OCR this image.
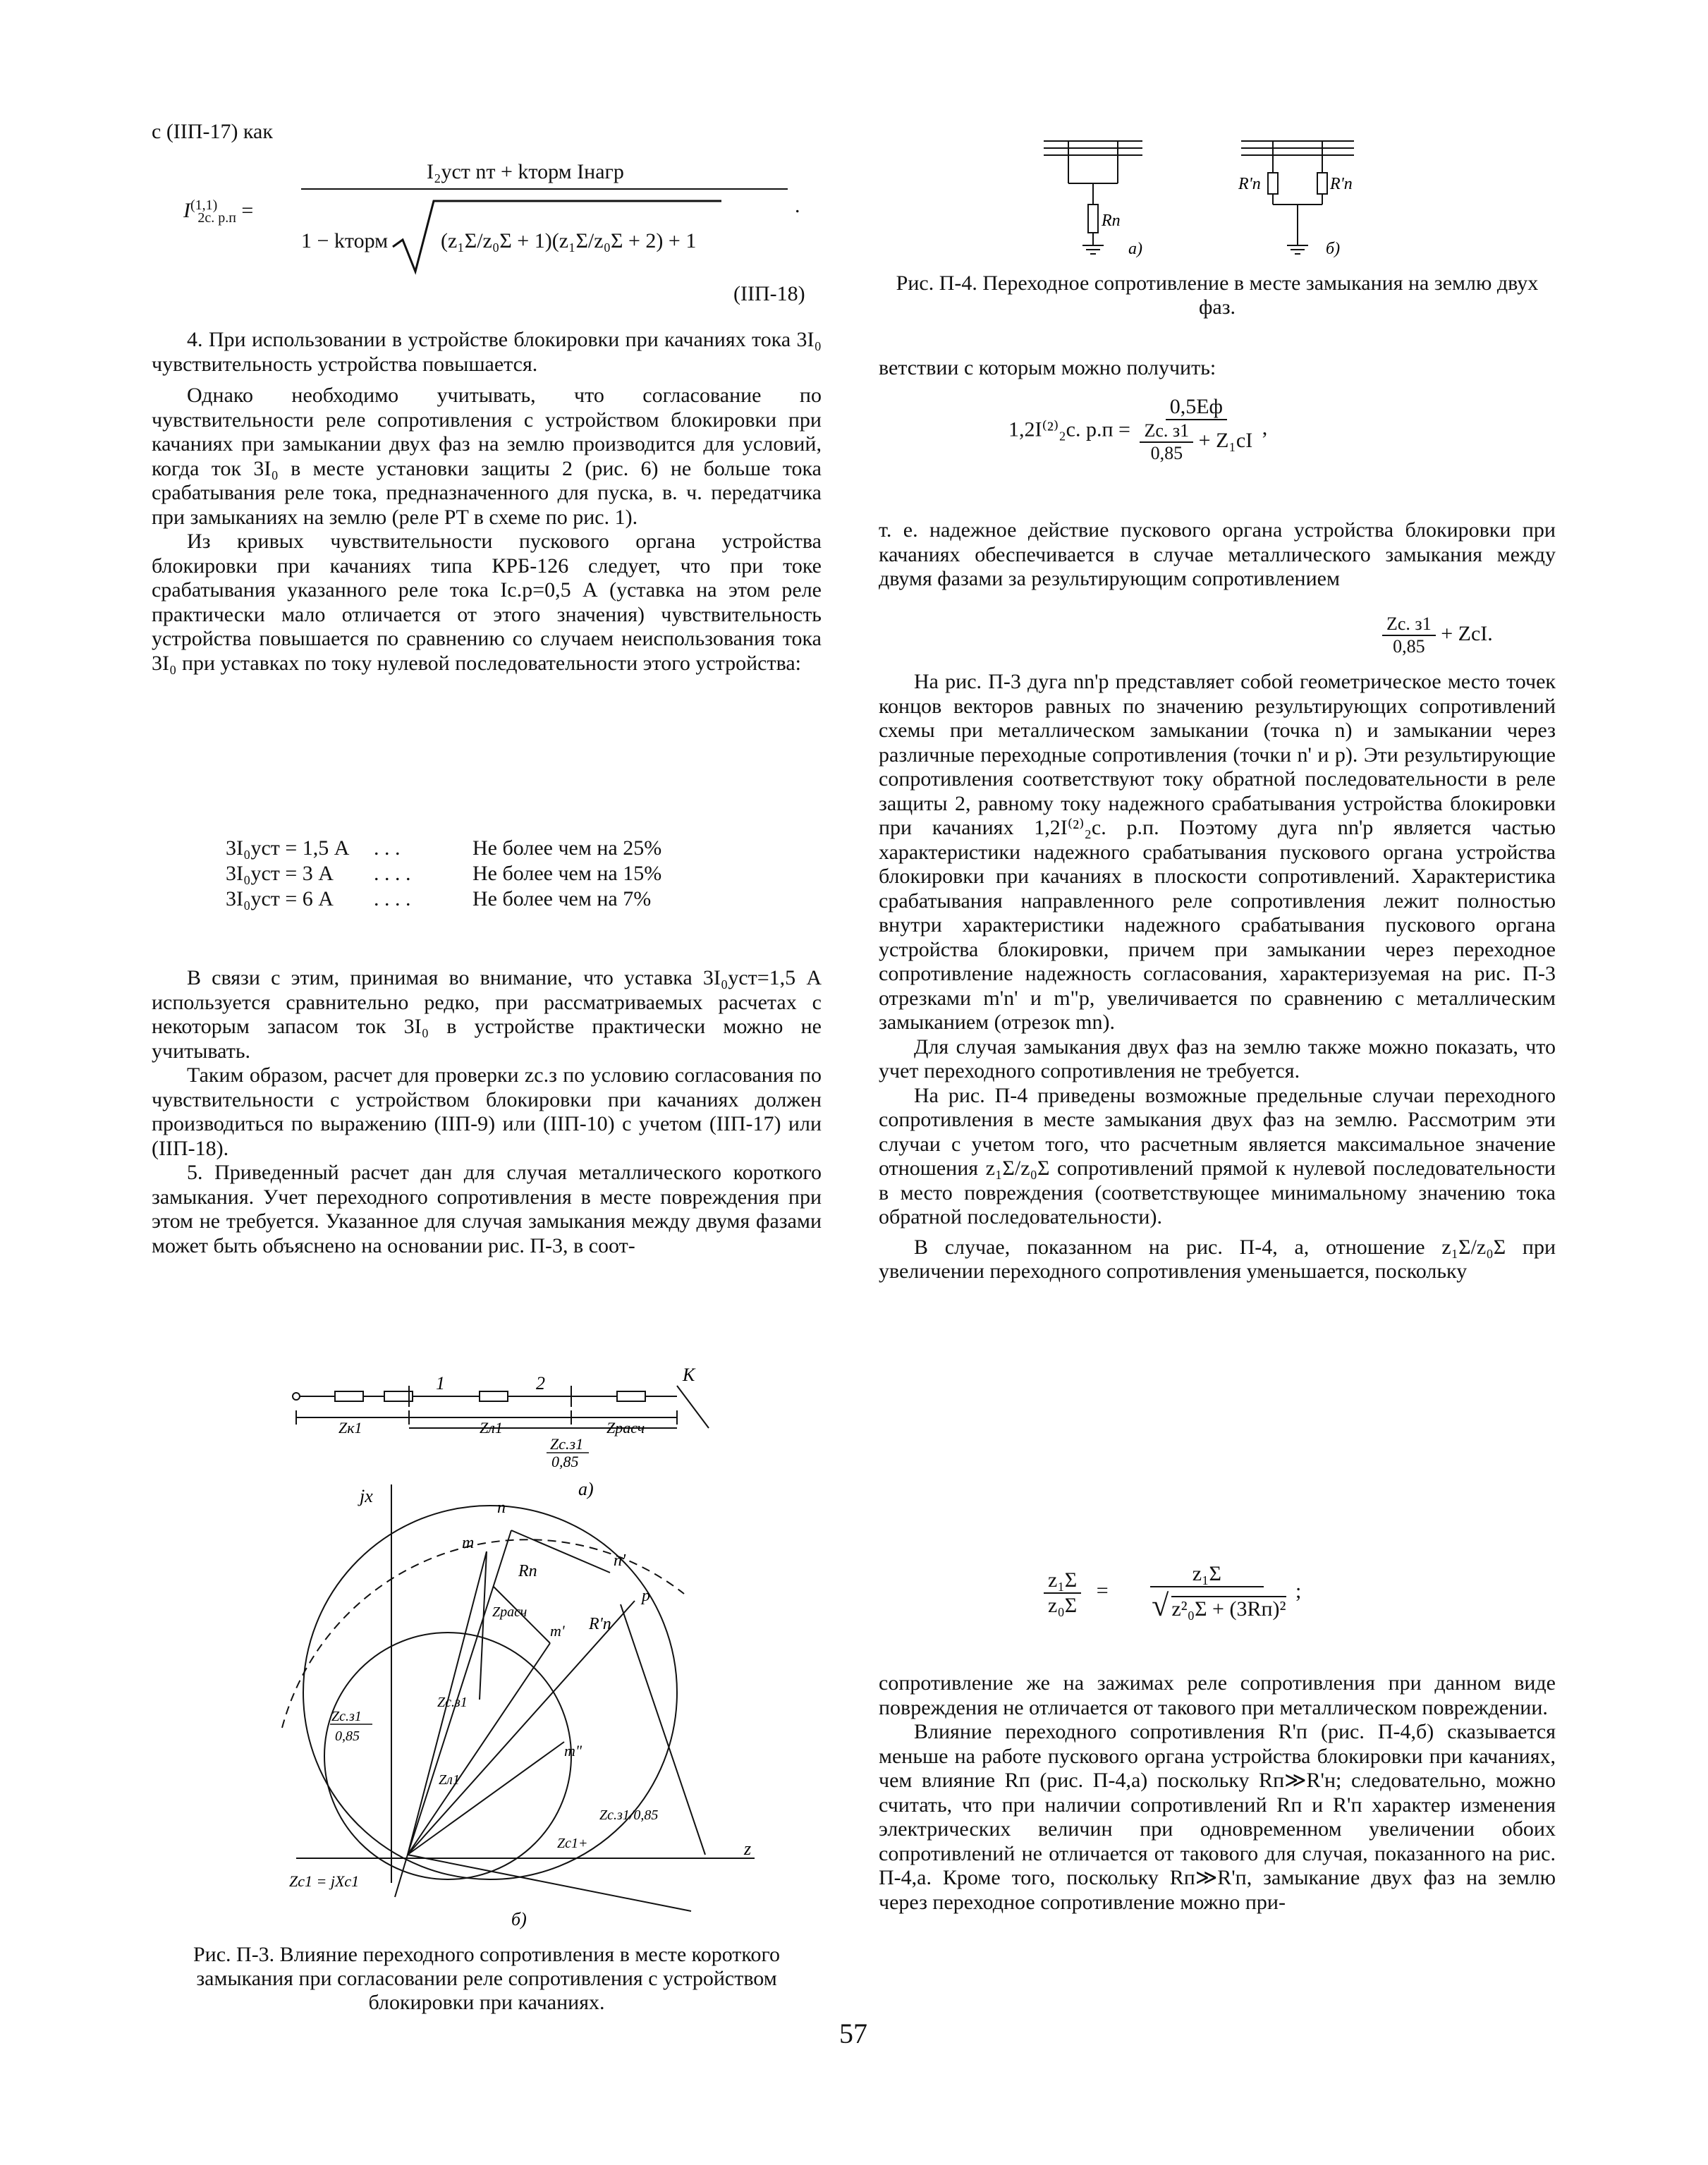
с (IIП-17) как
I$^{(1,1)}_{2с. р.п}$ =
I₂уст nт + kторм Iнагр
1 − kторм (z₁Σ/z₀Σ + 1)(z₁Σ/z₀Σ + 2) + 1
.
(IIП-18)

4. При использовании в устройстве блокировки при качаниях тока 3I₀ чувствительность устройства повышается.

Однако необходимо учитывать, что согласование по чувствительности реле сопротивления с устройством блокировки при качаниях при замыкании двух фаз на землю производится для условий, когда ток 3I₀ в месте установки защиты 2 (рис. 6) не больше тока срабатывания реле тока, предназначенного для пуска, в. ч. передатчика при замыканиях на землю (реле PT в схеме по рис. 1).

Из кривых чувствительности пускового органа устройства блокировки при качаниях типа КРБ-126 следует, что при токе срабатывания указанного реле тока Iс.р=0,5 А (уставка на этом реле практически мало отличается от этого значения) чувствительность устройства повышается по сравнению со случаем неиспользования тока 3I₀ при уставках по току нулевой последовательности этого устройства:

3I₀уст = 1,5 А	. . .	Не более чем на 25%
3I₀уст = 3 А	. . . .	Не более чем на 15%
3I₀уст = 6 А	. . . .	Не более чем на 7%

В связи с этим, принимая во внимание, что уставка 3I₀уст=1,5 А используется сравнительно редко, при рассматриваемых расчетах с некоторым запасом ток 3I₀ в устройстве практически можно не учитывать.

Таким образом, расчет для проверки zс.з по условию согласования по чувствительности с устройством блокировки при качаниях должен производиться по выражению (IIП-9) или (IIП-10) с учетом (IIП-17) или (IIП-18).

5. Приведенный расчет дан для случая металлического короткого замыкания. Учет переходного сопротивления в месте повреждения при этом не требуется. Указанное для случая замыкания между двумя фазами может быть объяснено на основании рис. П-3, в соот-

1	2	K
Zк1	Zл1	Zрасч
Zс.з1
0,85
а)
jx
z
n
n'
m
m'
m"
p
Rп
R'п
Zрасч
Zс.з1
0,85
Zс.з1
Zл1
Zс.з1/0,85
Zc1+
Zc1 = jXc1
б)
Рис. П-3. Влияние переходного сопротивления в месте короткого замыкания при согласовании реле сопротивления с устройством блокировки при качаниях.
Rп
а)
R'п	R'п
б)
Рис. П-4. Переходное сопротивление в месте замыкания на землю двух фаз.
ветствии с которым можно получить:
1,2I⁽²⁾₂с. $р.п = \frac{0,5Eф}{\frac{Zс. з1}{0,85} + Z_1cI}$ ,

т. е. надежное действие пускового органа устройства блокировки при качаниях обеспечивается в случае металлического замыкания между двумя фазами за результирующим сопротивлением

$\frac{Zс. з1}{0,85}$ + ZcI.

На рис. П-3 дуга nn'p представляет собой геометрическое место точек концов векторов равных по значению результирующих сопротивлений схемы при металлическом замыкании (точка n) и замыкании через различные переходные сопротивления (точки n' и p). Эти результирующие сопротивления соответствуют току обратной последовательности в реле защиты 2, равному току надежного срабатывания устройства блокировки при качаниях 1,2I⁽²⁾₂с. р.п. Поэтому дуга nn'p является частью характеристики надежного срабатывания пускового органа устройства блокировки при качаниях в плоскости сопротивлений. Характеристика срабатывания направленного реле сопротивления лежит полностью внутри характеристики надежного срабатывания пускового органа устройства блокировки, причем при замыкании через переходное сопротивление надежность согласования, характеризуемая на рис. П-3 отрезками m'n' и m"p, увеличивается по сравнению с металлическим замыканием (отрезок mn).

Для случая замыкания двух фаз на землю также можно показать, что учет переходного сопротивления не требуется.

На рис. П-4 приведены возможные предельные случаи переходного сопротивления в месте замыкания двух фаз на землю. Рассмотрим эти случаи с учетом того, что расчетным является максимальное значение отношения z₁Σ/z₀Σ сопротивлений прямой к нулевой последовательности в место повреждения (соответствующее минимальному значению тока обратной последовательности).

В случае, показанном на рис. П-4, а, отношение z₁Σ/z₀Σ при увеличении переходного сопротивления уменьшается, поскольку

$\frac{\text{z₁Σ}}{\text{z₀Σ}} = \frac{\text{z₁Σ}}{\text{√ z²₀Σ + (3Rп)²}}$ ;

сопротивление же на зажимах реле сопротивления при данном виде повреждения не отличается от такового при металлическом повреждении.

Влияние переходного сопротивления R'п (рис. П-4,б) сказывается меньше на работе пускового органа устройства блокировки при качаниях, чем влияние Rп (рис. П-4,а) поскольку Rп≫R'н; следовательно, можно считать, что при наличии сопротивлений Rп и R'п характер изменения электрических величин при одновременном увеличении обоих сопротивлений не отличается от такового для случая, показанного на рис. П-4,а. Кроме того, поскольку Rп≫R'п, замыкание двух фаз на землю через переходное сопротивление можно при-

57
